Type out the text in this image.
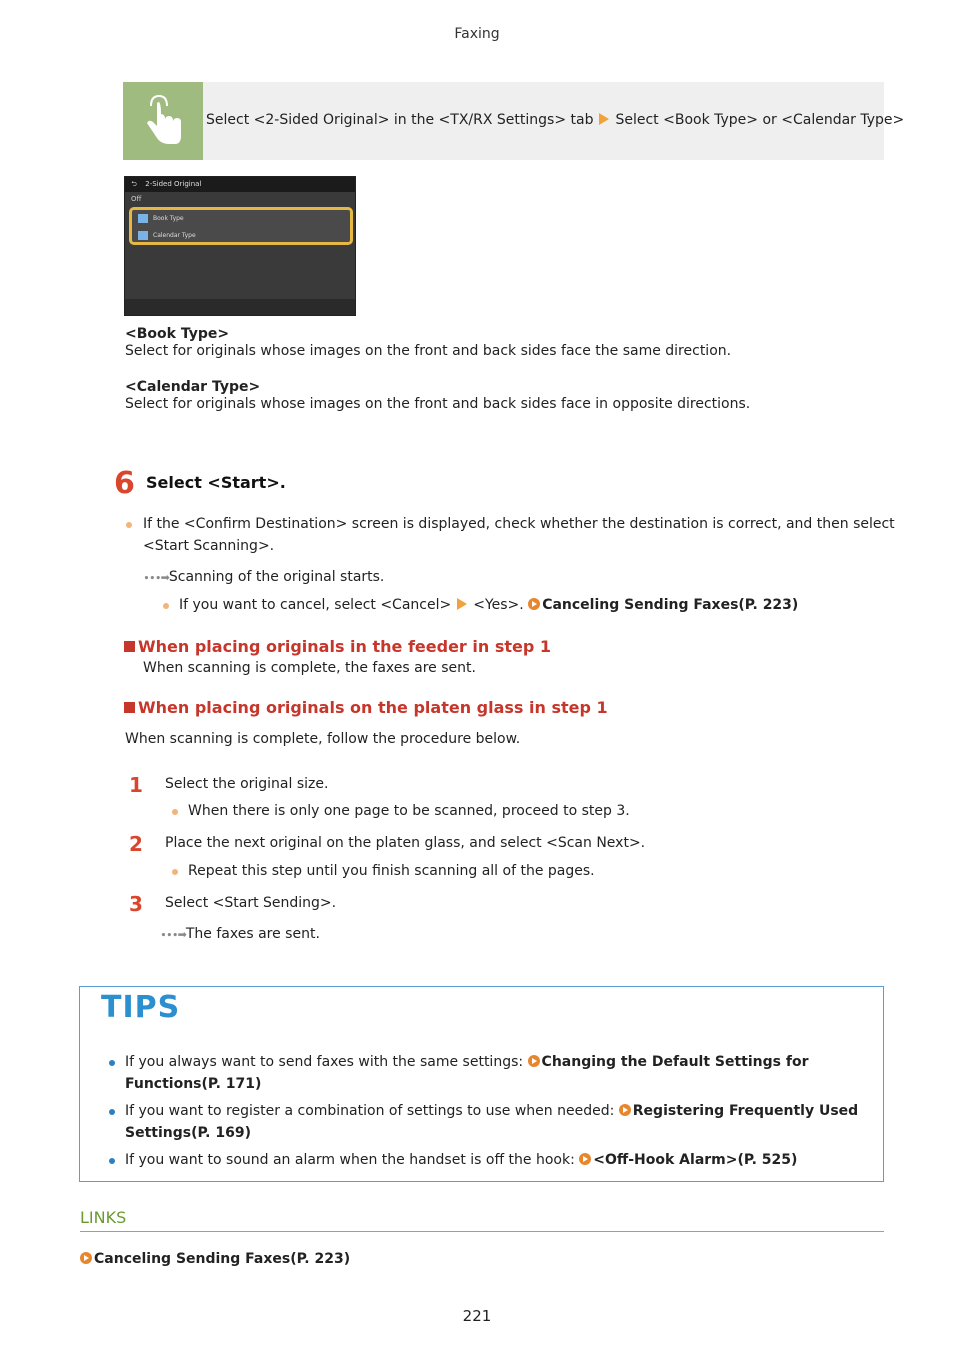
Faxing
Select <2-Sided Original> in the <TX/RX Settings> tab Select <Book Type> or <Calendar Type>
⮌ 2-Sided Original
Off
Book Type
Calendar Type
<Book Type>
Select for originals whose images on the front and back sides face the same direction.
<Calendar Type>
Select for originals whose images on the front and back sides face in opposite directions.
6 Select <Start>.
If the <Confirm Destination> screen is displayed, check whether the destination is correct, and then select
<Start Scanning>.
∙∙∙➡Scanning of the original starts.
If you want to cancel, select <Cancel> <Yes>. Canceling Sending Faxes(P. 223)
When placing originals in the feeder in step 1
When scanning is complete, the faxes are sent.
When placing originals on the platen glass in step 1
When scanning is complete, follow the procedure below.
1 Select the original size.
When there is only one page to be scanned, proceed to step 3.
2 Place the next original on the platen glass, and select <Scan Next>.
Repeat this step until you finish scanning all of the pages.
3 Select <Start Sending>.
∙∙∙➡The faxes are sent.
TIPS
If you always want to send faxes with the same settings: Changing the Default Settings for
Functions(P. 171)
If you want to register a combination of settings to use when needed: Registering Frequently Used
Settings(P. 169)
If you want to sound an alarm when the handset is off the hook: <Off-Hook Alarm>(P. 525)
LINKS
Canceling Sending Faxes(P. 223)
221
